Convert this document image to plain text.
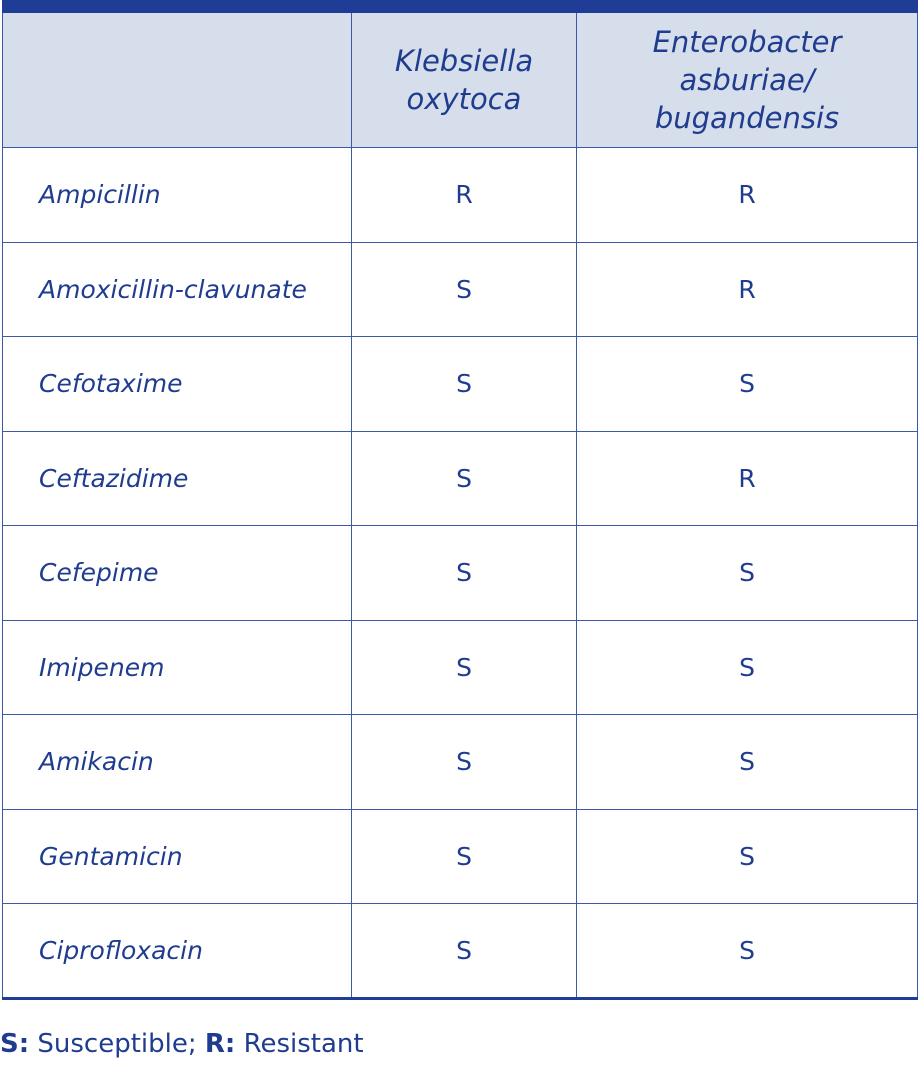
	Klebsiella oxytoca	Enterobacter asburiae/ bugandensis
Ampicillin	R	R
Amoxicillin-clavunate	S	R
Cefotaxime	S	S
Ceftazidime	S	R
Cefepime	S	S
Imipenem	S	S
Amikacin	S	S
Gentamicin	S	S
Ciprofloxacin	S	S
S: Susceptible; R: Resistant
